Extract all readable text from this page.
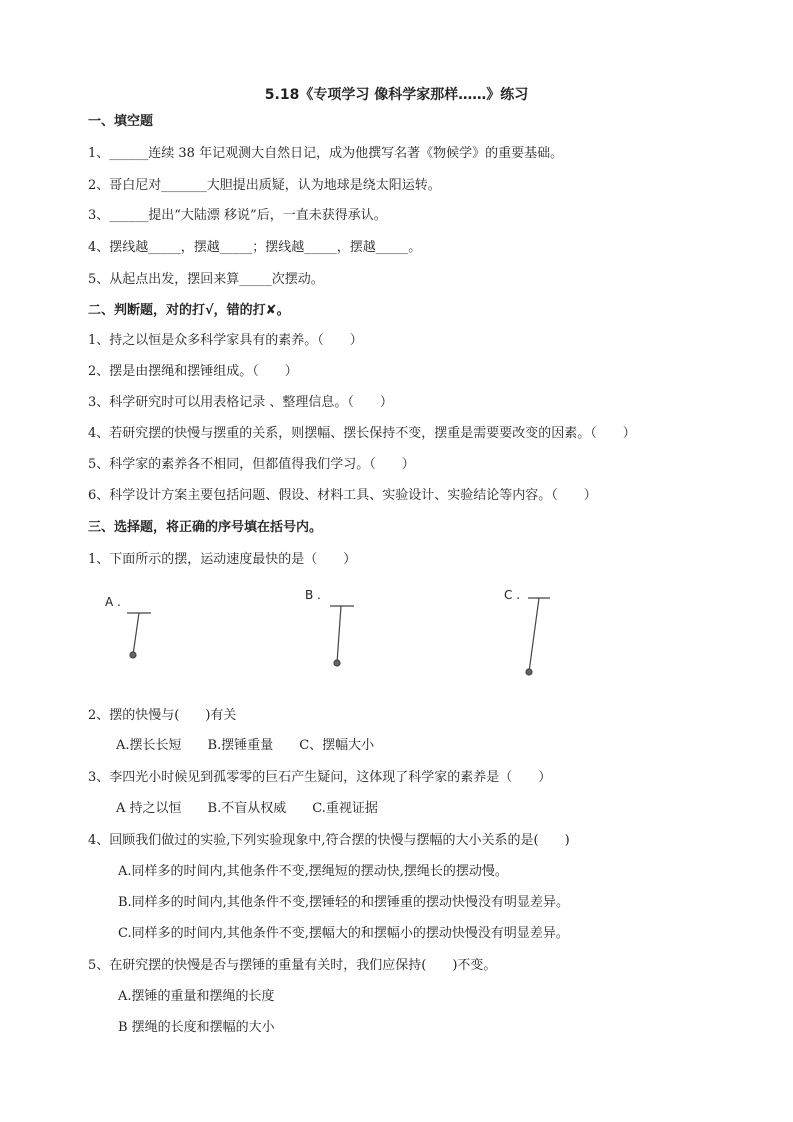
5.18《专项学习 像科学家那样……》练习
一、填空题
1、______连续 38 年记观测大自然日记，成为他撰写名著《物候学》的重要基础。
2、哥白尼对_______大胆提出质疑，认为地球是绕太阳运转。
3、______提出“大陆漂 移说”后，一直未获得承认。
4、摆线越_____，摆越_____；摆线越_____，摆越_____。
5、从起点出发，摆回来算_____次摆动。
二、判断题，对的打√，错的打✘。
1、持之以恒是众多科学家具有的素养。（　　）
2、摆是由摆绳和摆锤组成。（　　）
3、科学研究时可以用表格记录 、整理信息。（　　）
4、若研究摆的快慢与摆重的关系，则摆幅、摆长保持不变，摆重是需要要改变的因素。（　　）
5、科学家的素养各不相同，但都值得我们学习。（　　）
6、科学设计方案主要包括问题、假设、材料工具、实验设计、实验结论等内容。（　　）
三、选择题，将正确的序号填在括号内。
1、下面所示的摆，运动速度最快的是（　　）
A .	B .	C .
2、摆的快慢与(　　)有关
A.摆长长短　　B.摆锤重量　　C、摆幅大小
3、李四光小时候见到孤零零的巨石产生疑问，这体现了科学家的素养是（　　）
A 持之以恒　　B.不盲从权威　　C.重视证据
4、回顾我们做过的实验,下列实验现象中,符合摆的快慢与摆幅的大小关系的是(　　)
A.同样多的时间内,其他条件不变,摆绳短的摆动快,摆绳长的摆动慢。
B.同样多的时间内,其他条件不变,摆锤轻的和摆锤重的摆动快慢没有明显差异。
C.同样多的时间内,其他条件不变,摆幅大的和摆幅小的摆动快慢没有明显差异。
5、在研究摆的快慢是否与摆锤的重量有关时，我们应保持(　　)不变。
A.摆锤的重量和摆绳的长度
B 摆绳的长度和摆幅的大小
